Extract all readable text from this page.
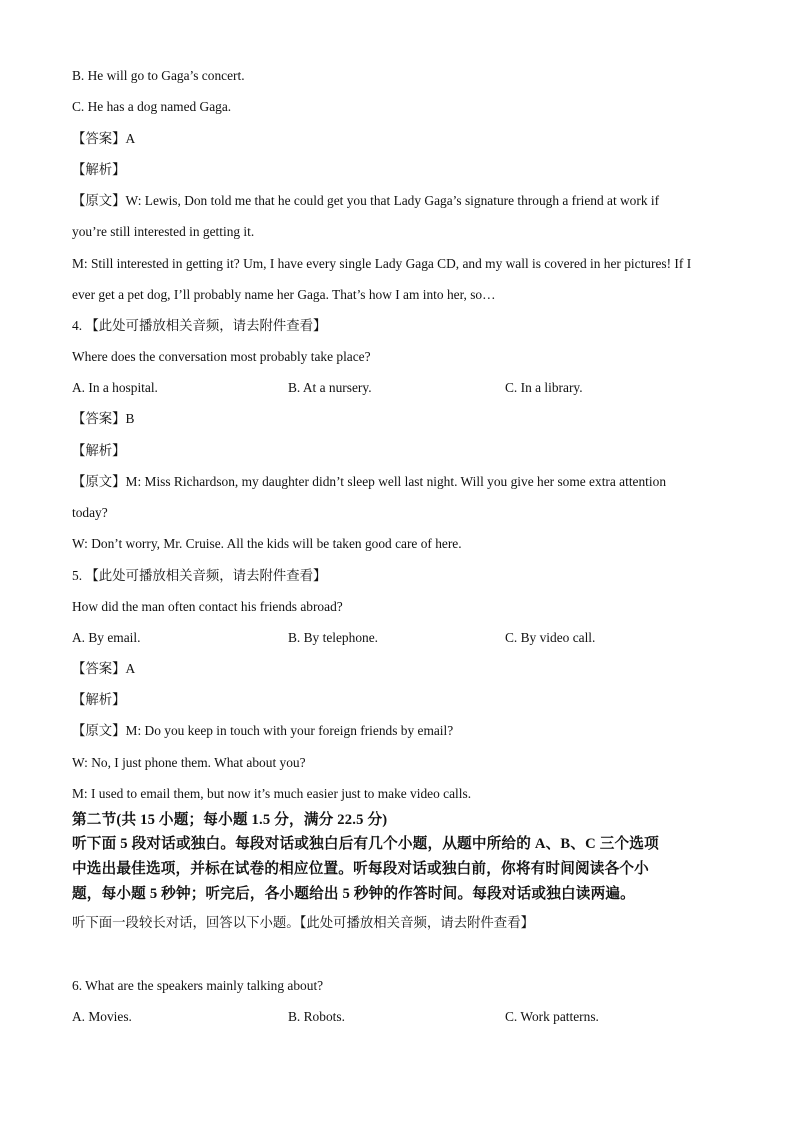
B. He will go to Gaga’s concert.
C. He has a dog named Gaga.
【答案】A
【解析】
【原文】W: Lewis, Don told me that he could get you that Lady Gaga’s signature through a friend at work if
you’re still interested in getting it.
M: Still interested in getting it? Um, I have every single Lady Gaga CD, and my wall is covered in her pictures! If I
ever get a pet dog, I’ll probably name her Gaga. That’s how I am into her, so…
4. 【此处可播放相关音频，请去附件查看】
Where does the conversation most probably take place?
A. In a hospital.	B. At a nursery.	C. In a library.
【答案】B
【解析】
【原文】M: Miss Richardson, my daughter didn’t sleep well last night. Will you give her some extra attention
today?
W: Don’t worry, Mr. Cruise. All the kids will be taken good care of here.
5. 【此处可播放相关音频，请去附件查看】
How did the man often contact his friends abroad?
A. By email.	B. By telephone.	C. By video call.
【答案】A
【解析】
【原文】M: Do you keep in touch with your foreign friends by email?
W: No, I just phone them. What about you?
M: I used to email them, but now it’s much easier just to make video calls.
第二节(共 15 小题；每小题 1.5 分，满分 22.5 分)
听下面 5 段对话或独白。每段对话或独白后有几个小题，从题中所给的 A、B、C 三个选项
中选出最佳选项，并标在试卷的相应位置。听每段对话或独白前，你将有时间阅读各个小
题，每小题 5 秒钟；听完后，各小题给出 5 秒钟的作答时间。每段对话或独白读两遍。
听下面一段较长对话，回答以下小题。【此处可播放相关音频，请去附件查看】
6. What are the speakers mainly talking about?
A. Movies.	B. Robots.	C. Work patterns.
